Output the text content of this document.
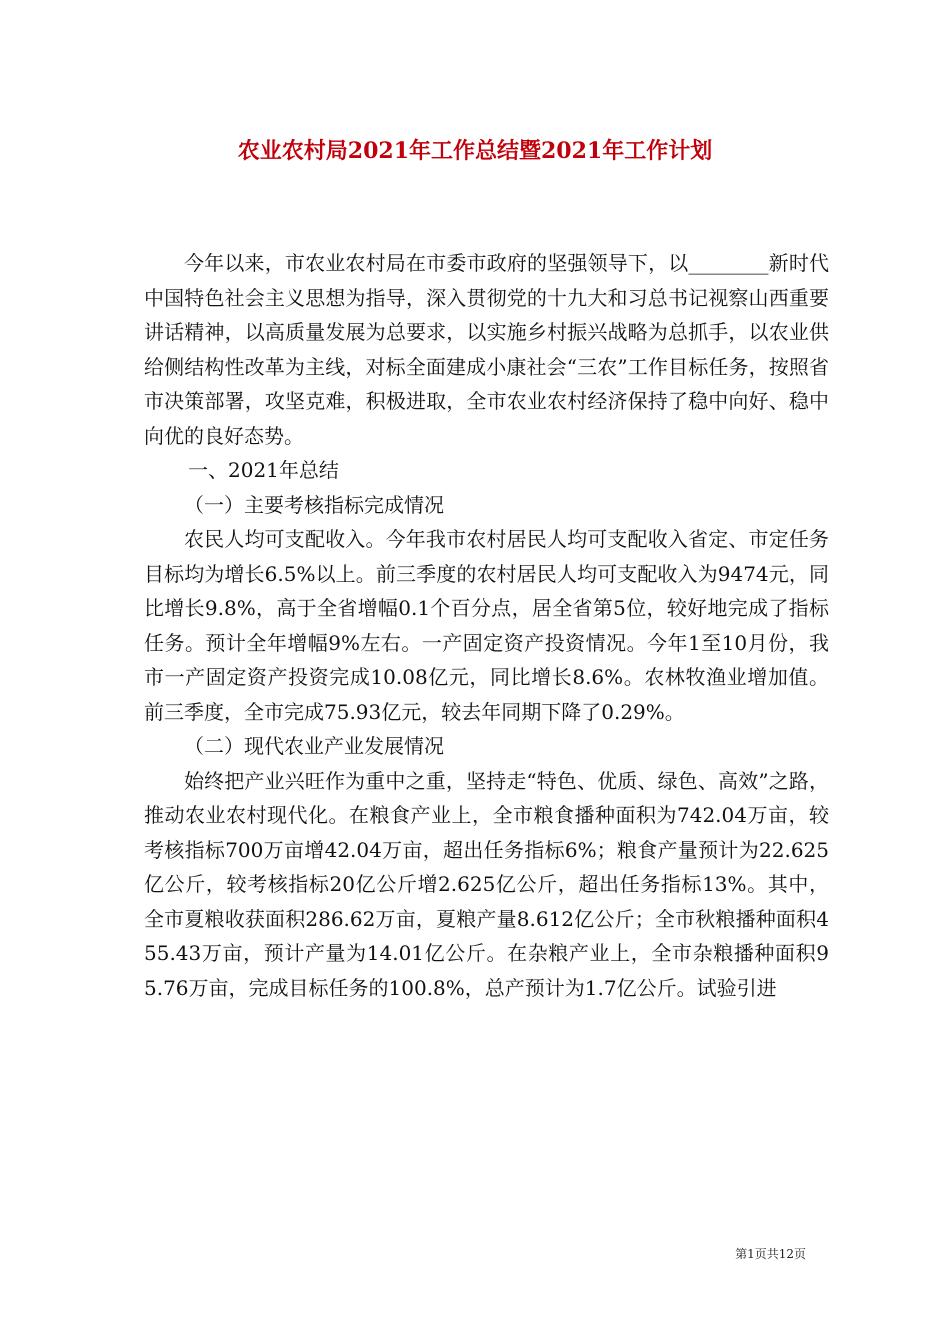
农业农村局2021年工作总结暨2021年工作计划

今年以来，市农业农村局在市委市政府的坚强领导下，以________新时代中国特色社会主义思想为指导，深入贯彻党的十九大和习总书记视察山西重要讲话精神，以高质量发展为总要求，以实施乡村振兴战略为总抓手，以农业供给侧结构性改革为主线，对标全面建成小康社会“三农”工作目标任务，按照省市决策部署，攻坚克难，积极进取，全市农业农村经济保持了稳中向好、稳中向优的良好态势。

一、2021年总结

（一）主要考核指标完成情况

农民人均可支配收入。今年我市农村居民人均可支配收入省定、市定任务目标均为增长6.5%以上。前三季度的农村居民人均可支配收入为9474元，同比增长9.8%，高于全省增幅0.1个百分点，居全省第5位，较好地完成了指标任务。预计全年增幅9%左右。一产固定资产投资情况。今年1至10月份，我市一产固定资产投资完成10.08亿元，同比增长8.6%。农林牧渔业增加值。前三季度，全市完成75.93亿元，较去年同期下降了0.29%。

（二）现代农业产业发展情况

始终把产业兴旺作为重中之重，坚持走“特色、优质、绿色、高效”之路，推动农业农村现代化。在粮食产业上，全市粮食播种面积为742.04万亩，较考核指标700万亩增42.04万亩，超出任务指标6%；粮食产量预计为22.625亿公斤，较考核指标20亿公斤增2.625亿公斤，超出任务指标13%。其中，全市夏粮收获面积286.62万亩，夏粮产量8.612亿公斤；全市秋粮播种面积455.43万亩，预计产量为14.01亿公斤。在杂粮产业上，全市杂粮播种面积95.76万亩，完成目标任务的100.8%，总产预计为1.7亿公斤。试验引进

第1页共12页
